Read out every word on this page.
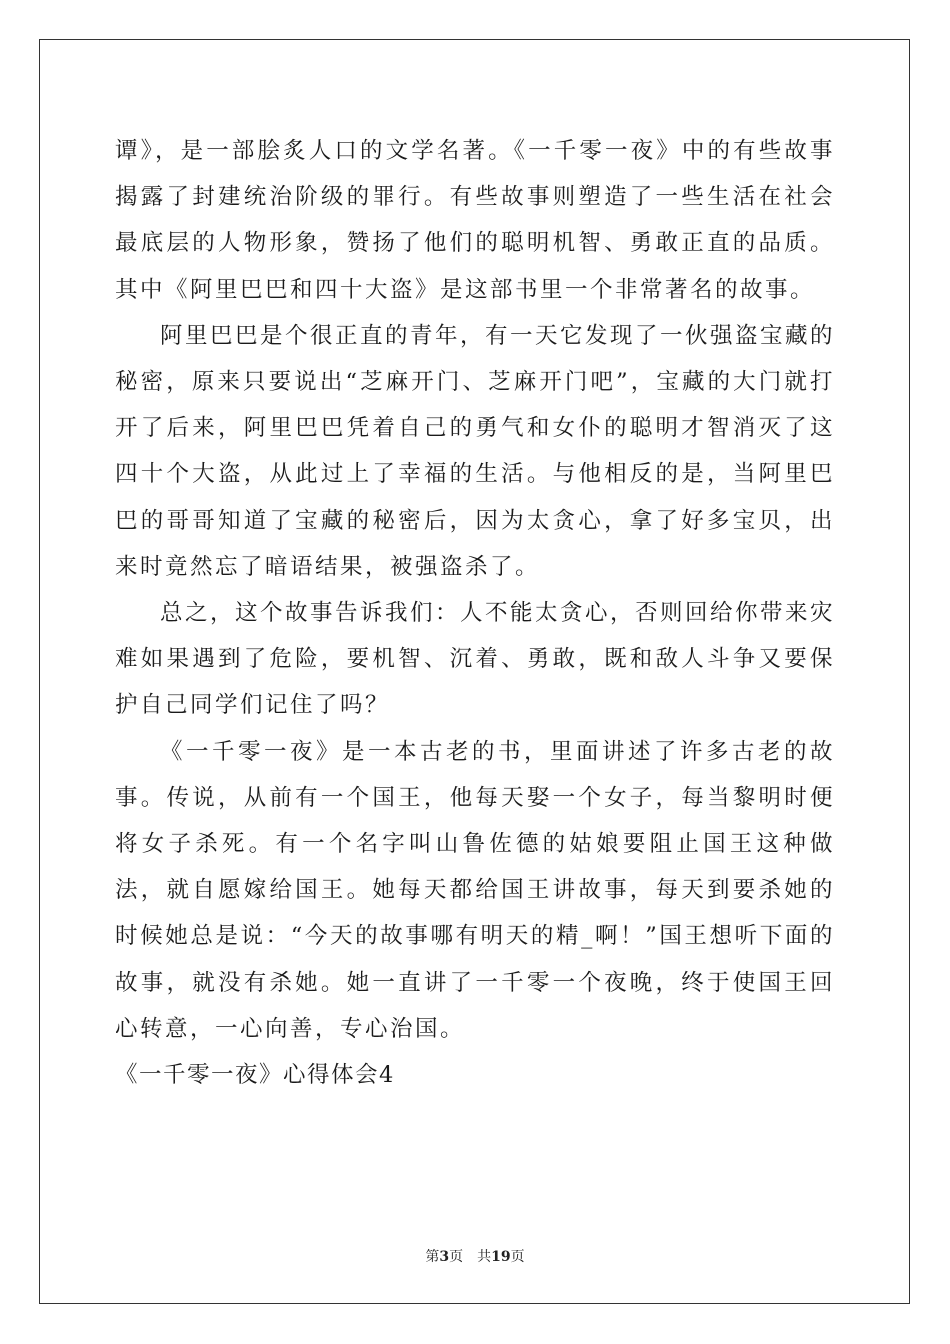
谭》，是一部脍炙人口的文学名著。《一千零一夜》中的有些故事揭露了封建统治阶级的罪行。有些故事则塑造了一些生活在社会最底层的人物形象，赞扬了他们的聪明机智、勇敢正直的品质。其中《阿里巴巴和四十大盗》是这部书里一个非常著名的故事。

阿里巴巴是个很正直的青年，有一天它发现了一伙强盗宝藏的秘密，原来只要说出“芝麻开门、芝麻开门吧”，宝藏的大门就打开了后来，阿里巴巴凭着自己的勇气和女仆的聪明才智消灭了这四十个大盗，从此过上了幸福的生活。与他相反的是，当阿里巴巴的哥哥知道了宝藏的秘密后，因为太贪心，拿了好多宝贝，出来时竟然忘了暗语结果，被强盗杀了。

总之，这个故事告诉我们：人不能太贪心，否则回给你带来灾难如果遇到了危险，要机智、沉着、勇敢，既和敌人斗争又要保护自己同学们记住了吗？

《一千零一夜》是一本古老的书，里面讲述了许多古老的故事。传说，从前有一个国王，他每天娶一个女子，每当黎明时便将女子杀死。有一个名字叫山鲁佐德的姑娘要阻止国王这种做法，就自愿嫁给国王。她每天都给国王讲故事，每天到要杀她的时候她总是说：“今天的故事哪有明天的精_啊！”国王想听下面的故事，就没有杀她。她一直讲了一千零一个夜晚，终于使国王回心转意，一心向善，专心治国。

《一千零一夜》心得体会4

第3页 共19页
